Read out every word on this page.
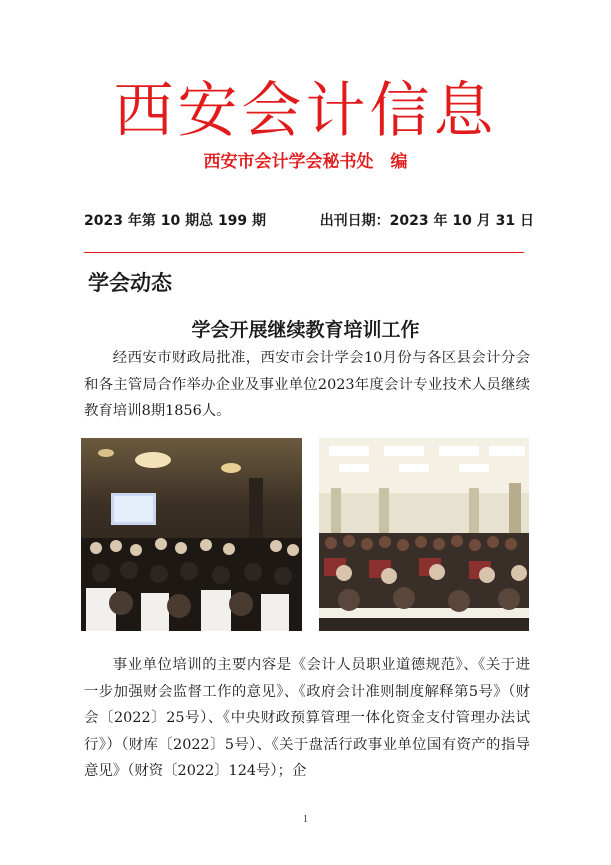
西安会计信息
西安市会计学会秘书处　编
2023 年第 10 期总 199 期	出刊日期：2023 年 10 月 31 日
学会动态
学会开展继续教育培训工作

经西安市财政局批准，西安市会计学会10月份与各区县会计分会和各主管局合作举办企业及事业单位2023年度会计专业技术人员继续教育培训8期1856人。

事业单位培训的主要内容是《会计人员职业道德规范》、《关于进一步加强财会监督工作的意见》、《政府会计准则制度解释第5号》（财会〔2022〕25号）、《中央财政预算管理一体化资金支付管理办法试行》）（财库〔2022〕5号）、《关于盘活行政事业单位国有资产的指导意见》（财资〔2022〕124号）；企

1
